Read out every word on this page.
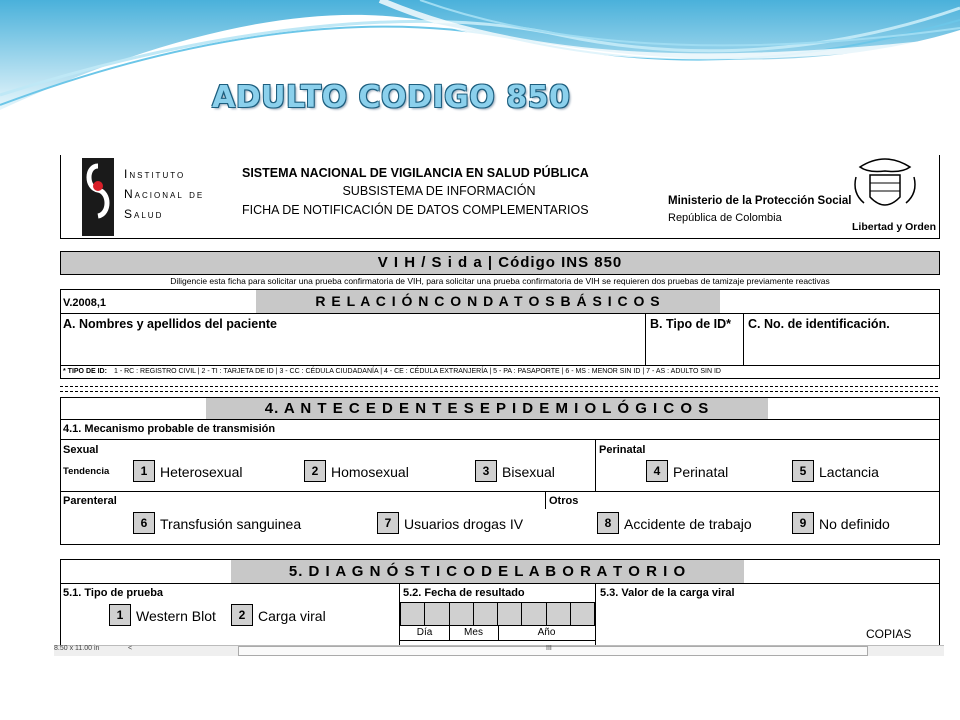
ADULTO CODIGO 850
Instituto
Nacional de
Salud
SISTEMA NACIONAL DE VIGILANCIA EN SALUD PÚBLICA
SUBSISTEMA DE INFORMACIÓN
FICHA DE NOTIFICACIÓN DE DATOS COMPLEMENTARIOS
Ministerio de la Protección Social
República de Colombia
Libertad y Orden
V I H / S i d a | Código INS 850
Diligencie esta ficha para solicitar una prueba confirmatoria de VIH, para solicitar una prueba confirmatoria de VIH se requieren dos pruebas de tamizaje previamente reactivas
R E L A C I Ó N C O N D A T O S B Á S I C O S
V.2008,1
A. Nombres y apellidos del paciente	B. Tipo de ID* C. No. de identificación.
* TIPO DE ID: 1 - RC : REGISTRO CIVIL | 2 - TI : TARJETA DE ID | 3 - CC : CÉDULA CIUDADANÍA | 4 - CE : CÉDULA EXTRANJERÍA | 5 - PA : PASAPORTE | 6 - MS : MENOR SIN ID | 7 - AS : ADULTO SIN ID
4. A N T E C E D E N T E S E P I D E M I O L Ó G I C O S
4.1. Mecanismo probable de transmisión
Sexual
Tendencia
Perinatal
Parenteral	Otros
1 Heterosexual	2 Homosexual	3 Bisexual	4 Perinatal	5 Lactancia
6 Transfusión sanguinea	7 Usuarios drogas IV	8 Accidente de trabajo	9 No definido
5. D I A G N Ó S T I C O D E L A B O R A T O R I O
5.1. Tipo de prueba	5.2. Fecha de resultado	5.3. Valor de la carga viral
1 Western Blot	2 Carga viral
Día	Mes	Año	COPIAS
8.50 x 11.00 in	<	III
